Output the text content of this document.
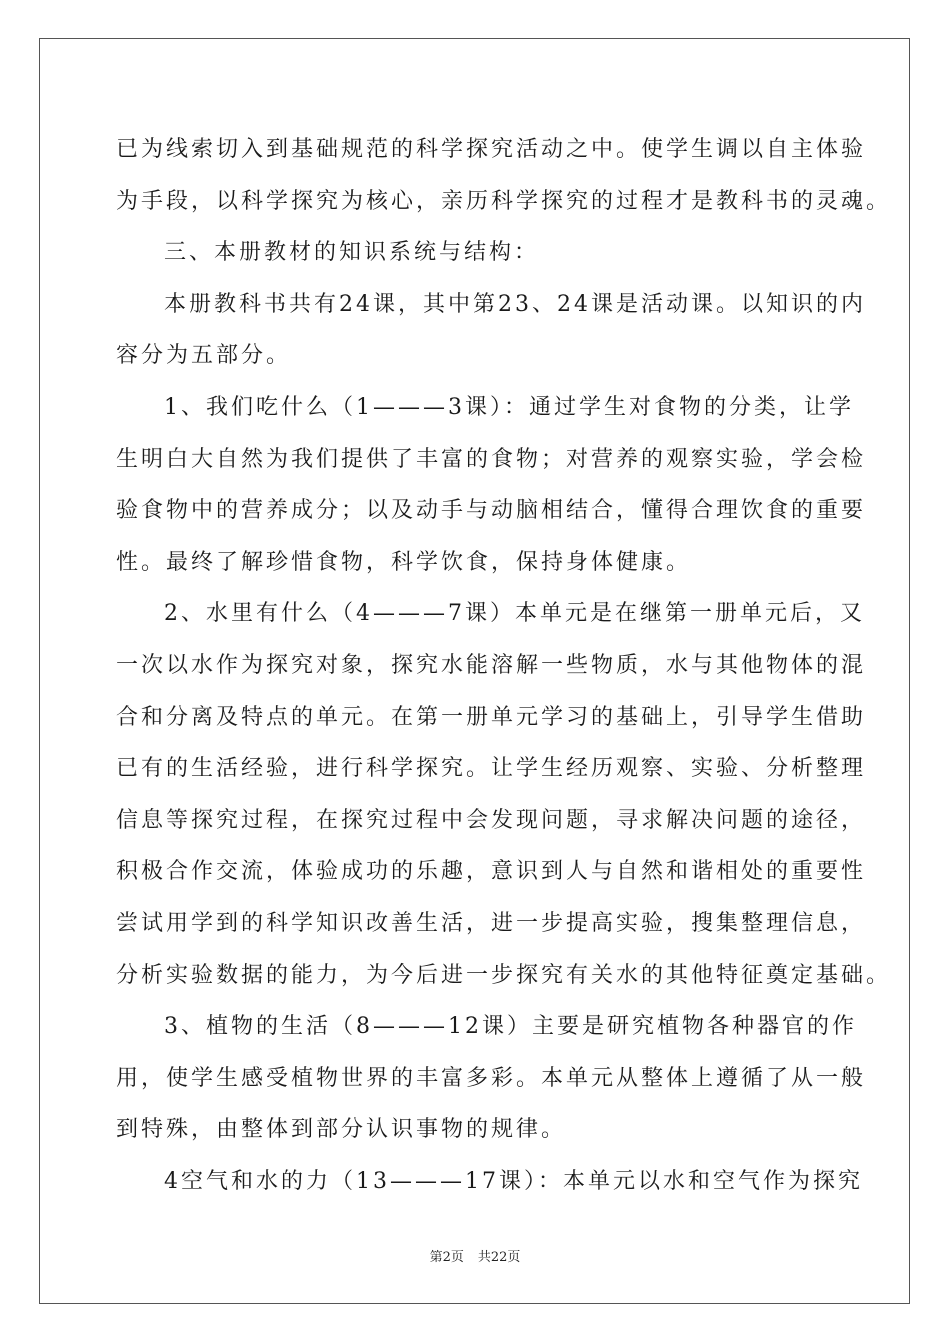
已为线索切入到基础规范的科学探究活动之中。使学生调以自主体验
为手段，以科学探究为核心，亲历科学探究的过程才是教科书的灵魂。
三、本册教材的知识系统与结构：
本册教科书共有24课，其中第23、24课是活动课。以知识的内
容分为五部分。
1、我们吃什么（1———3课）：通过学生对食物的分类，让学
生明白大自然为我们提供了丰富的食物；对营养的观察实验，学会检
验食物中的营养成分；以及动手与动脑相结合，懂得合理饮食的重要
性。最终了解珍惜食物，科学饮食，保持身体健康。
2、水里有什么（4———7课）本单元是在继第一册单元后，又
一次以水作为探究对象，探究水能溶解一些物质，水与其他物体的混
合和分离及特点的单元。在第一册单元学习的基础上，引导学生借助
已有的生活经验，进行科学探究。让学生经历观察、实验、分析整理
信息等探究过程，在探究过程中会发现问题，寻求解决问题的途径，
积极合作交流，体验成功的乐趣，意识到人与自然和谐相处的重要性
尝试用学到的科学知识改善生活，进一步提高实验，搜集整理信息，
分析实验数据的能力，为今后进一步探究有关水的其他特征奠定基础。
3、植物的生活（8———12课）主要是研究植物各种器官的作
用，使学生感受植物世界的丰富多彩。本单元从整体上遵循了从一般
到特殊，由整体到部分认识事物的规律。
4空气和水的力（13———17课）：本单元以水和空气作为探究
第2页 共22页
